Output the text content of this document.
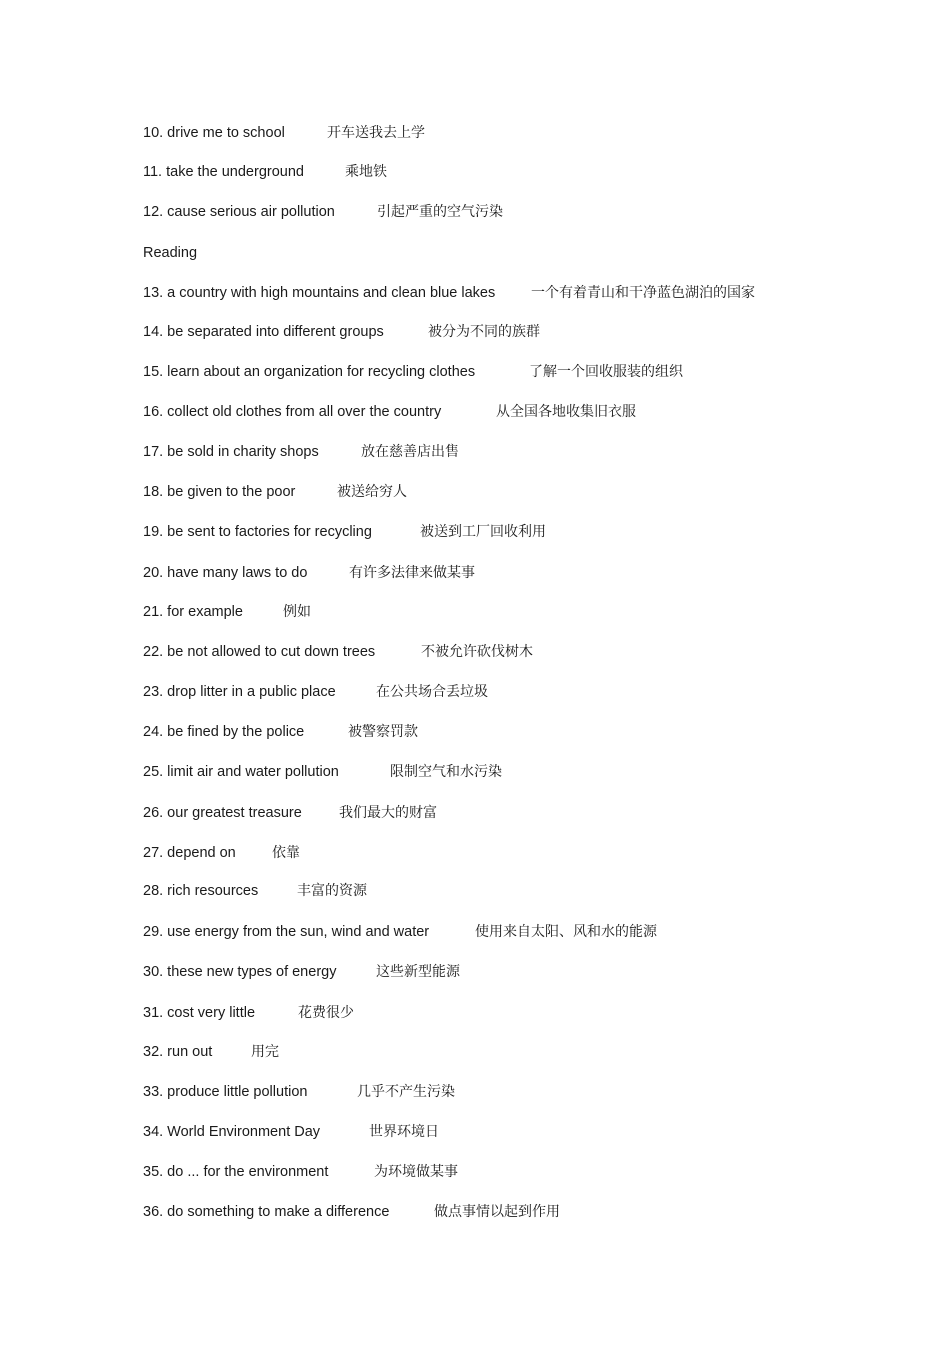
10. drive me to school	开车送我去上学
11. take the underground	乘地铁
12. cause serious air pollution	引起严重的空气污染
Reading
13. a country with high mountains and clean blue lakes	一个有着青山和干净蓝色湖泊的国家
14. be separated into different groups	被分为不同的族群
15. learn about an organization for recycling clothes	了解一个回收服装的组织
16. collect old clothes from all over the country	从全国各地收集旧衣服
17. be sold in charity shops	放在慈善店出售
18. be given to the poor	被送给穷人
19. be sent to factories for recycling	被送到工厂回收利用
20. have many laws to do	有许多法律来做某事
21. for example	例如
22. be not allowed to cut down trees	不被允许砍伐树木
23. drop litter in a public place	在公共场合丢垃圾
24. be fined by the police	被警察罚款
25. limit air and water pollution	限制空气和水污染
26. our greatest treasure	我们最大的财富
27. depend on	依靠
28. rich resources	丰富的资源
29. use energy from the sun, wind and water	使用来自太阳、风和水的能源
30. these new types of energy	这些新型能源
31. cost very little	花费很少
32. run out	用完
33. produce little pollution	几乎不产生污染
34. World Environment Day	世界环境日
35. do ... for the environment	为环境做某事
36. do something to make a difference	做点事情以起到作用
